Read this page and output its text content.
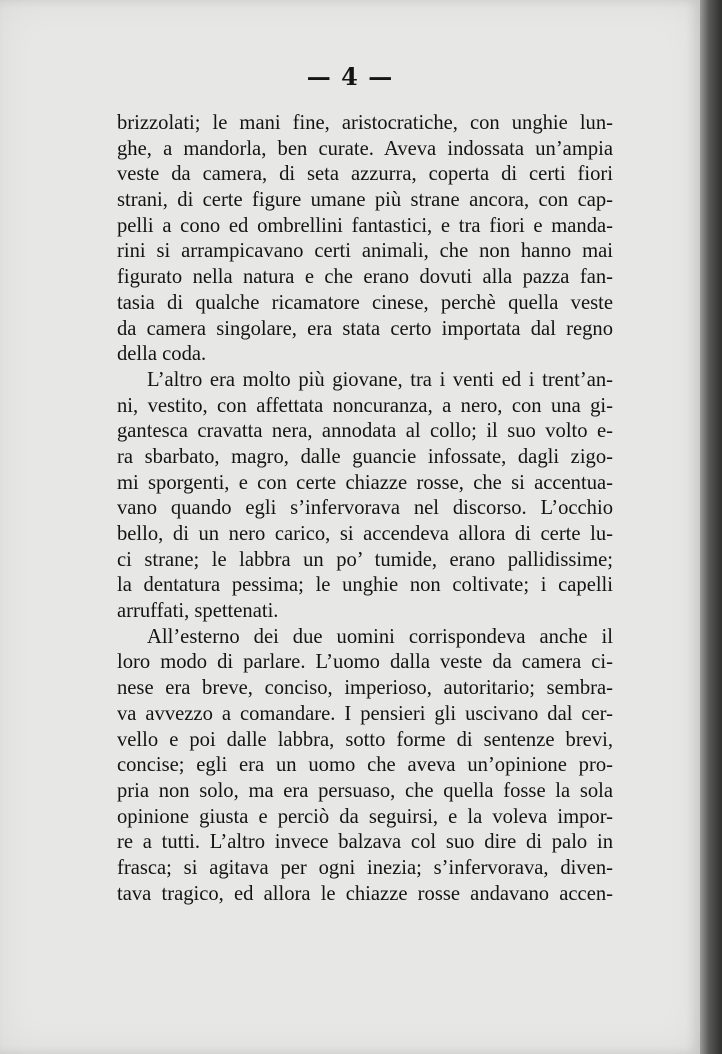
— 4 —
brizzolati; le mani fine, aristocratiche, con unghie lun-
ghe, a mandorla, ben curate. Aveva indossata un’ampia
veste da camera, di seta azzurra, coperta di certi fiori
strani, di certe figure umane più strane ancora, con cap-
pelli a cono ed ombrellini fantastici, e tra fiori e manda-
rini si arrampicavano certi animali, che non hanno mai
figurato nella natura e che erano dovuti alla pazza fan-
tasia di qualche ricamatore cinese, perchè quella veste
da camera singolare, era stata certo importata dal regno
della coda.
L’altro era molto più giovane, tra i venti ed i trent’an-
ni, vestito, con affettata noncuranza, a nero, con una gi-
gantesca cravatta nera, annodata al collo; il suo volto e-
ra sbarbato, magro, dalle guancie infossate, dagli zigo-
mi sporgenti, e con certe chiazze rosse, che si accentua-
vano quando egli s’infervorava nel discorso. L’occhio
bello, di un nero carico, si accendeva allora di certe lu-
ci strane; le labbra un po’ tumide, erano pallidissime;
la dentatura pessima; le unghie non coltivate; i capelli
arruffati, spettenati.
All’esterno dei due uomini corrispondeva anche il
loro modo di parlare. L’uomo dalla veste da camera ci-
nese era breve, conciso, imperioso, autoritario; sembra-
va avvezzo a comandare. I pensieri gli uscivano dal cer-
vello e poi dalle labbra, sotto forme di sentenze brevi,
concise; egli era un uomo che aveva un’opinione pro-
pria non solo, ma era persuaso, che quella fosse la sola
opinione giusta e perciò da seguirsi, e la voleva impor-
re a tutti. L’altro invece balzava col suo dire di palo in
frasca; si agitava per ogni inezia; s’infervorava, diven-
tava tragico, ed allora le chiazze rosse andavano accen-
